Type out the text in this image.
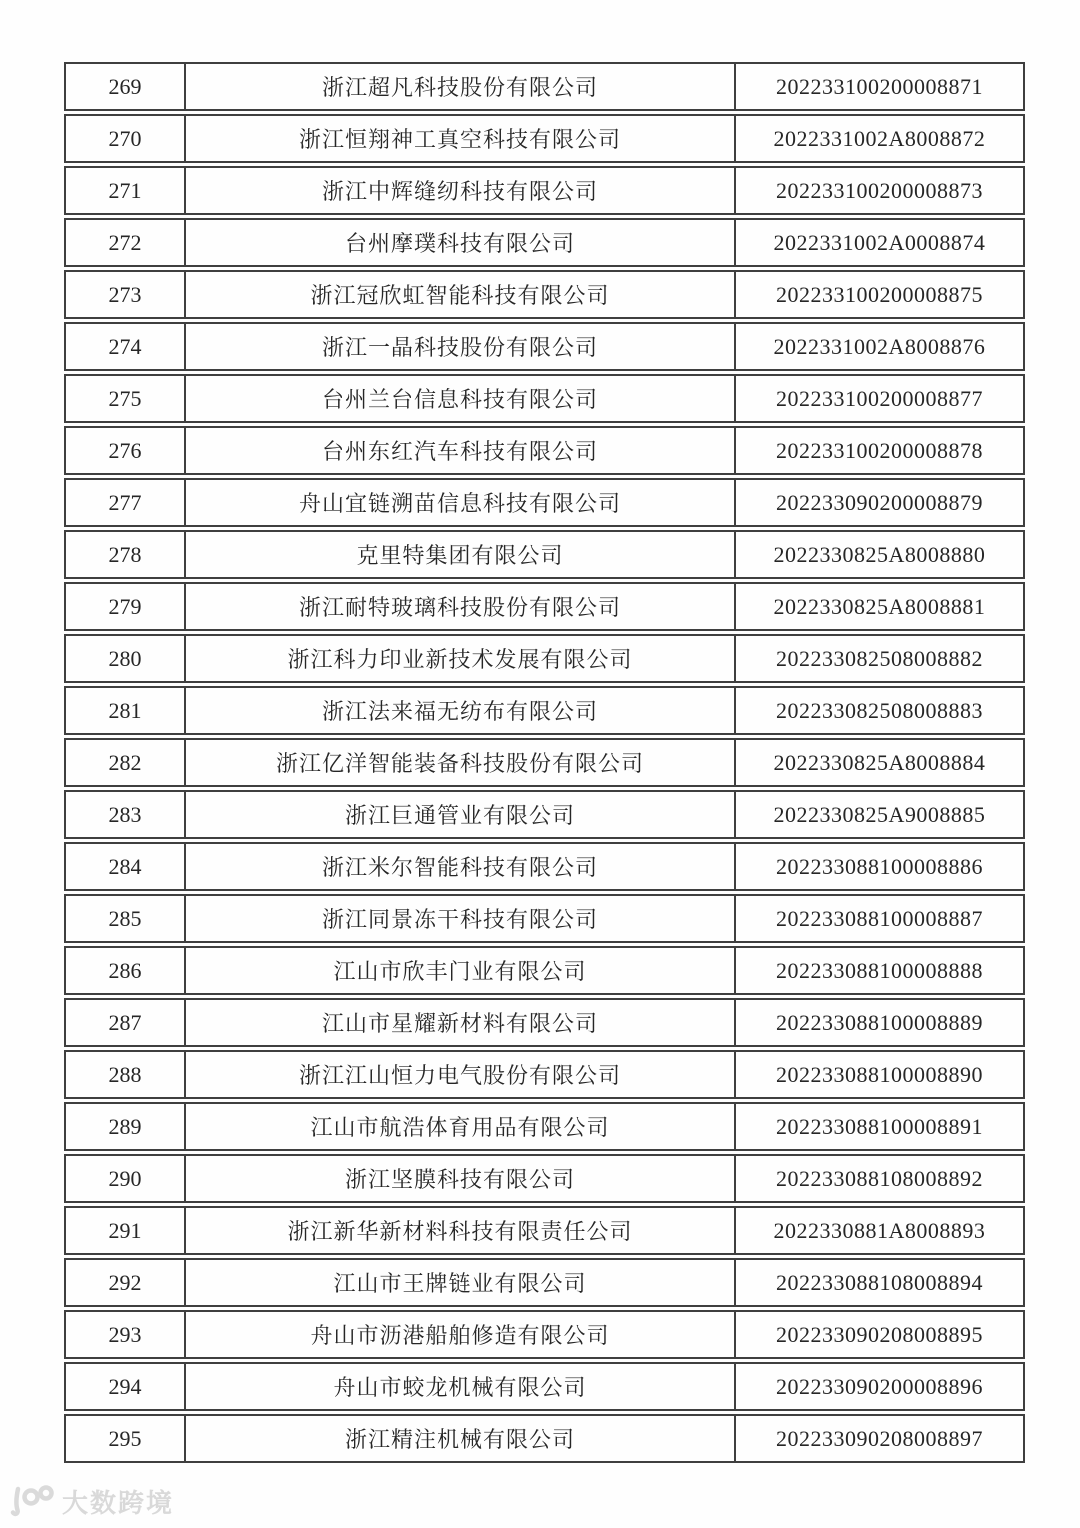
269	浙江超凡科技股份有限公司	202233100200008871
270	浙江恒翔神工真空科技有限公司	2022331002A8008872
271	浙江中辉缝纫科技有限公司	202233100200008873
272	台州摩璞科技有限公司	2022331002A0008874
273	浙江冠欣虹智能科技有限公司	202233100200008875
274	浙江一晶科技股份有限公司	2022331002A8008876
275	台州兰台信息科技有限公司	202233100200008877
276	台州东红汽车科技有限公司	202233100200008878
277	舟山宜链溯苗信息科技有限公司	202233090200008879
278	克里特集团有限公司	2022330825A8008880
279	浙江耐特玻璃科技股份有限公司	2022330825A8008881
280	浙江科力印业新技术发展有限公司	202233082508008882
281	浙江法来福无纺布有限公司	202233082508008883
282	浙江亿洋智能装备科技股份有限公司	2022330825A8008884
283	浙江巨通管业有限公司	2022330825A9008885
284	浙江米尔智能科技有限公司	202233088100008886
285	浙江同景冻干科技有限公司	202233088100008887
286	江山市欣丰门业有限公司	202233088100008888
287	江山市星耀新材料有限公司	202233088100008889
288	浙江江山恒力电气股份有限公司	202233088100008890
289	江山市航浩体育用品有限公司	202233088100008891
290	浙江坚膜科技有限公司	202233088108008892
291	浙江新华新材料科技有限责任公司	2022330881A8008893
292	江山市王牌链业有限公司	202233088108008894
293	舟山市沥港船舶修造有限公司	202233090208008895
294	舟山市蛟龙机械有限公司	202233090200008896
295	浙江精注机械有限公司	202233090208008897
大数跨境
